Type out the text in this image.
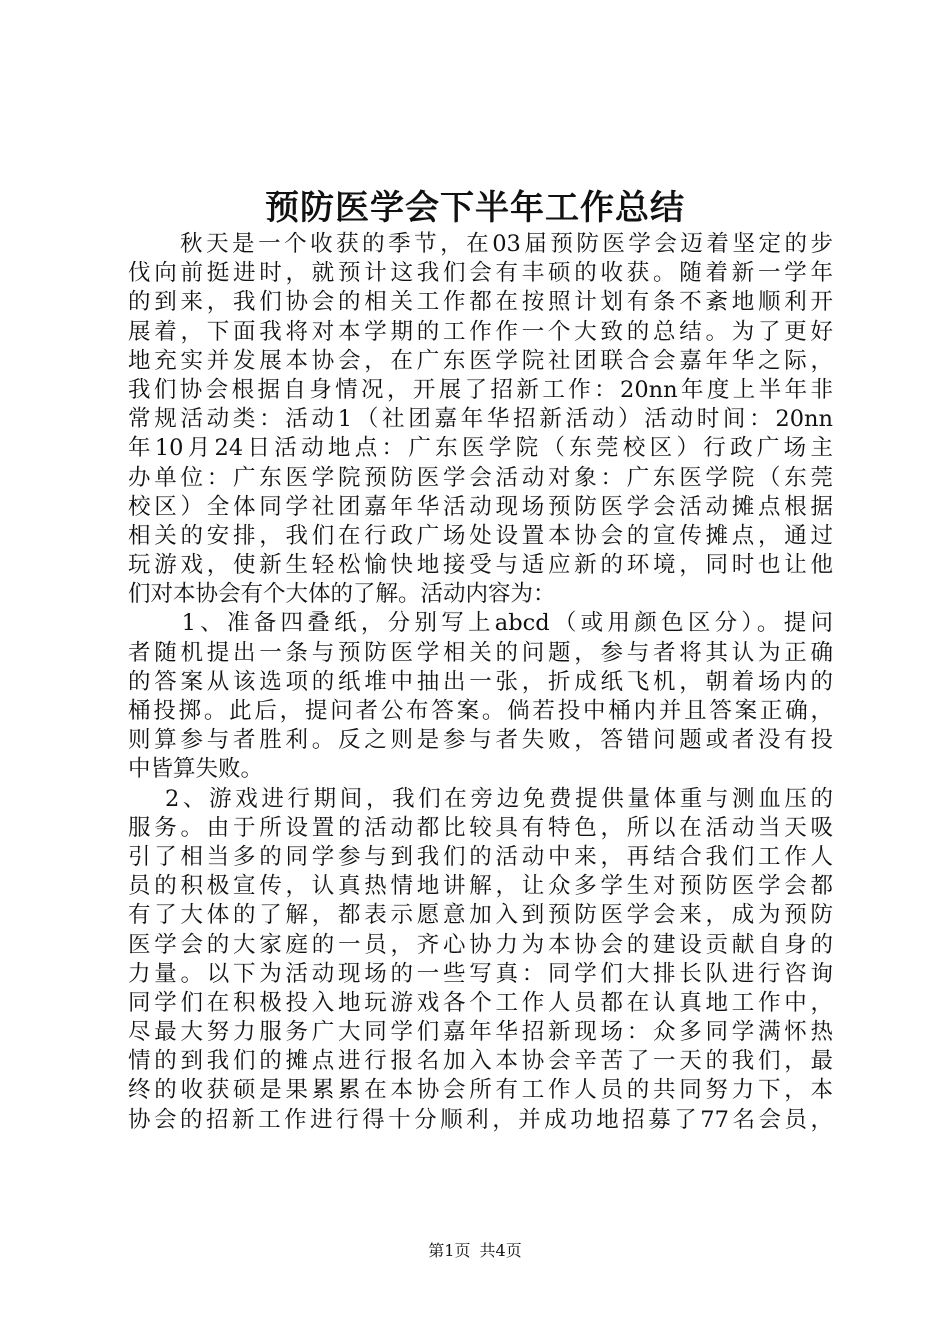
预防医学会下半年工作总结
　　秋天是一个收获的季节，在03届预防医学会迈着坚定的步
伐向前挺进时，就预计这我们会有丰硕的收获。随着新一学年
的到来，我们协会的相关工作都在按照计划有条不紊地顺利开
展着，下面我将对本学期的工作作一个大致的总结。为了更好
地充实并发展本协会，在广东医学院社团联合会嘉年华之际，
我们协会根据自身情况，开展了招新工作：20nn年度上半年非
常规活动类：活动1（社团嘉年华招新活动）活动时间：20nn
年10月24日活动地点：广东医学院（东莞校区）行政广场主
办单位：广东医学院预防医学会活动对象：广东医学院（东莞
校区）全体同学社团嘉年华活动现场预防医学会活动摊点根据
相关的安排，我们在行政广场处设置本协会的宣传摊点，通过
玩游戏，使新生轻松愉快地接受与适应新的环境，同时也让他
们对本协会有个大体的了解。活动内容为：
　　1、准备四叠纸，分别写上abcd（或用颜色区分）。提问
者随机提出一条与预防医学相关的问题，参与者将其认为正确
的答案从该选项的纸堆中抽出一张，折成纸飞机，朝着场内的
桶投掷。此后，提问者公布答案。倘若投中桶内并且答案正确，
则算参与者胜利。反之则是参与者失败，答错问题或者没有投
中皆算失败。
　 2、游戏进行期间，我们在旁边免费提供量体重与测血压的
服务。由于所设置的活动都比较具有特色，所以在活动当天吸
引了相当多的同学参与到我们的活动中来，再结合我们工作人
员的积极宣传，认真热情地讲解，让众多学生对预防医学会都
有了大体的了解，都表示愿意加入到预防医学会来，成为预防
医学会的大家庭的一员，齐心协力为本协会的建设贡献自身的
力量。以下为活动现场的一些写真：同学们大排长队进行咨询
同学们在积极投入地玩游戏各个工作人员都在认真地工作中，
尽最大努力服务广大同学们嘉年华招新现场：众多同学满怀热
情的到我们的摊点进行报名加入本协会辛苦了一天的我们，最
终的收获硕是果累累在本协会所有工作人员的共同努力下，本
协会的招新工作进行得十分顺利，并成功地招募了77名会员，
第1页 共4页
